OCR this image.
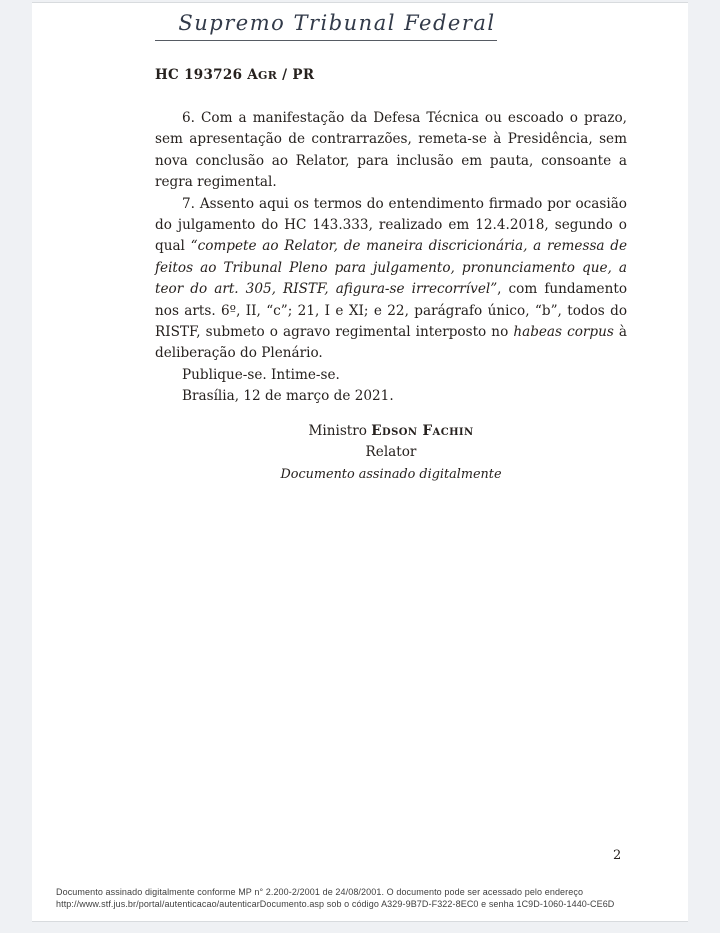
Supremo Tribunal Federal
HC 193726 AGR / PR

6. Com a manifestação da Defesa Técnica ou escoado o prazo, sem apresentação de contrarrazões, remeta-se à Presidência, sem nova conclusão ao Relator, para inclusão em pauta, consoante a regra regimental.

7. Assento aqui os termos do entendimento firmado por ocasião do julgamento do HC 143.333, realizado em 12.4.2018, segundo o qual “compete ao Relator, de maneira discricionária, a remessa de feitos ao Tribunal Pleno para julgamento, pronunciamento que, a teor do art. 305, RISTF, afigura-se irrecorrível”, com fundamento nos arts. 6º, II, “c”; 21, I e XI; e 22, parágrafo único, “b”, todos do RISTF, submeto o agravo regimental interposto no habeas corpus à deliberação do Plenário.

Publique-se. Intime-se.

Brasília, 12 de março de 2021.

Ministro Edson Fachin
Relator
Documento assinado digitalmente
2
Documento assinado digitalmente conforme MP n° 2.200-2/2001 de 24/08/2001. O documento pode ser acessado pelo endereço
http://www.stf.jus.br/portal/autenticacao/autenticarDocumento.asp sob o código A329-9B7D-F322-8EC0 e senha 1C9D-1060-1440-CE6D
